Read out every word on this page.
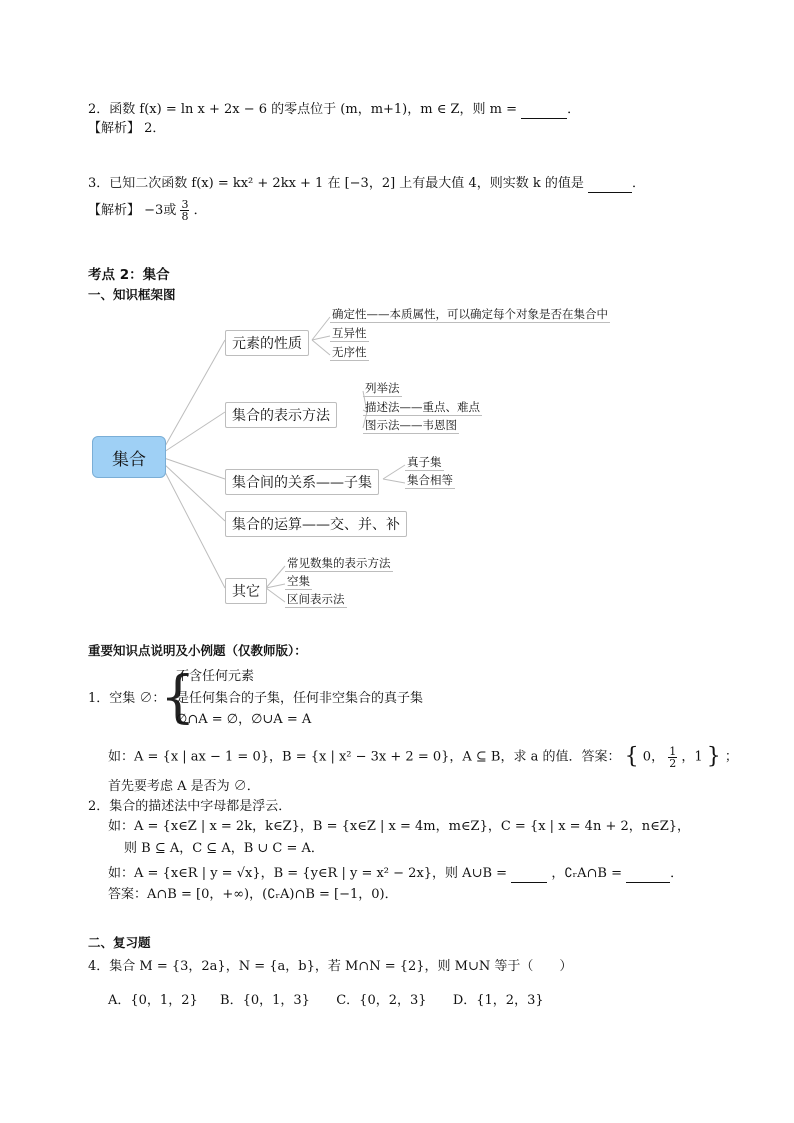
2．函数 f(x) = ln x + 2x − 6 的零点位于 (m，m+1)，m ∈ Z，则 m =	．
【解析】 2．
3．已知二次函数 f(x) = kx² + 2kx + 1 在 [−3，2] 上有最大值 4，则实数 k 的值是	．
【解析】 −3或 $\frac{3}{8}$ ．
考点 2：集合
一、知识框架图
集合
元素的性质
确定性——本质属性，可以确定每个对象是否在集合中
互异性
无序性
集合的表示方法
列举法
描述法——重点、难点
图示法——韦恩图
集合间的关系——子集
真子集
集合相等
集合的运算——交、并、补
其它
常见数集的表示方法
空集
区间表示法
重要知识点说明及小例题（仅教师版）：
1．空集 ∅：
{
不含任何元素
是任何集合的子集，任何非空集合的真子集
∅∩A = ∅，∅∪A = A
如：A = {x | ax − 1 = 0}，B = {x | x² − 3x + 2 = 0}，A ⊆ B，求 a 的值．答案： { 0， $\frac{1}{2}$ ，1 } ；
首先要考虑 A 是否为 ∅．
2．集合的描述法中字母都是浮云．
如：A = {x∈Z | x = 2k，k∈Z}，B = {x∈Z | x = 4m，m∈Z}，C = {x | x = 4n + 2，n∈Z}，
则 B ⊆ A，C ⊆ A，B ∪ C = A．
如：A = {x∈R | y = √x}，B = {y∈R | y = x² − 2x}，则 A∪B =	，∁ᵣA∩B =	．
答案：A∩B = [0，+∞)，(∁ᵣA)∩B = [−1，0)．
二、复习题
4．集合 M = {3，2a}，N = {a，b}，若 M∩N = {2}，则 M∪N 等于（　　）
A．{0，1，2} B．{0，1，3} C．{0，2，3} D．{1，2，3}
